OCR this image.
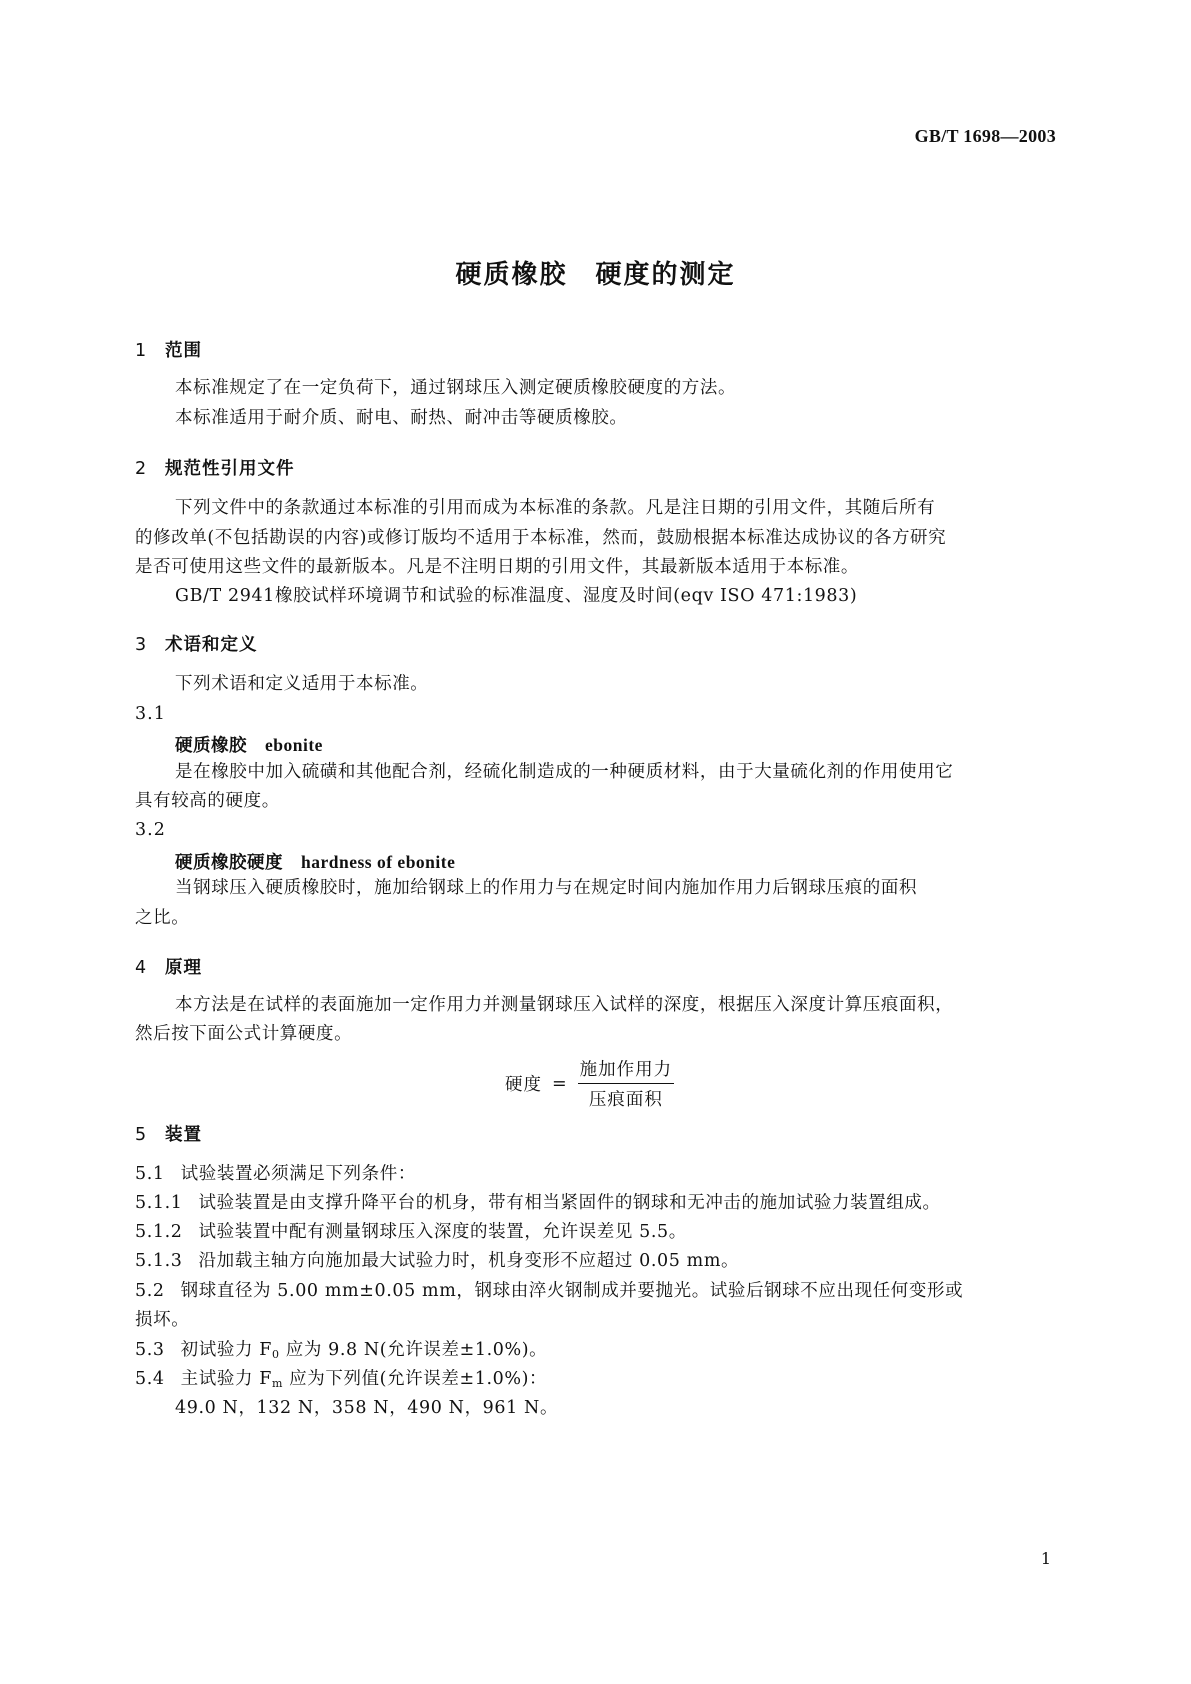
GB/T 1698—2003
硬质橡胶　硬度的测定
1 范围
本标准规定了在一定负荷下，通过钢球压入测定硬质橡胶硬度的方法。
本标准适用于耐介质、耐电、耐热、耐冲击等硬质橡胶。
2 规范性引用文件
下列文件中的条款通过本标准的引用而成为本标准的条款。凡是注日期的引用文件，其随后所有
的修改单(不包括勘误的内容)或修订版均不适用于本标准，然而，鼓励根据本标准达成协议的各方研究
是否可使用这些文件的最新版本。凡是不注明日期的引用文件，其最新版本适用于本标准。
GB/T 2941橡胶试样环境调节和试验的标准温度、湿度及时间(eqv ISO 471:1983)
3 术语和定义
下列术语和定义适用于本标准。
3.1
硬质橡胶 ebonite
是在橡胶中加入硫磺和其他配合剂，经硫化制造成的一种硬质材料，由于大量硫化剂的作用使用它
具有较高的硬度。
3.2
硬质橡胶硬度 hardness of ebonite
当钢球压入硬质橡胶时，施加给钢球上的作用力与在规定时间内施加作用力后钢球压痕的面积
之比。
4 原理
本方法是在试样的表面施加一定作用力并测量钢球压入试样的深度，根据压入深度计算压痕面积，
然后按下面公式计算硬度。
硬度 = $\frac{\text{施加作用力}}{\text{压痕面积}}$
5 装置
5.1 试验装置必须满足下列条件：
5.1.1 试验装置是由支撑升降平台的机身，带有相当紧固件的钢球和无冲击的施加试验力装置组成。
5.1.2 试验装置中配有测量钢球压入深度的装置，允许误差见 5.5。
5.1.3 沿加载主轴方向施加最大试验力时，机身变形不应超过 0.05 mm。
5.2 钢球直径为 5.00 mm±0.05 mm，钢球由淬火钢制成并要抛光。试验后钢球不应出现任何变形或
损坏。
5.3 初试验力 $F_0$ 应为 9.8 N(允许误差±1.0%)。
5.4 主试验力 $F_m$ 应为下列值(允许误差±1.0%)：
49.0 N，132 N，358 N，490 N，961 N。
1
